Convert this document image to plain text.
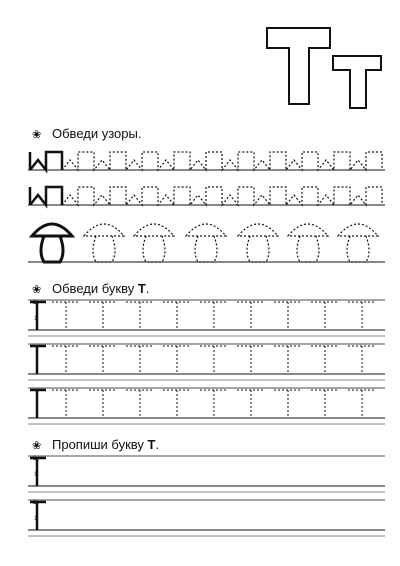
❀ Обведи узоры.
❀ Обведи букву Т.
❀ Пропиши букву Т.
2
1
2
1
2
1
